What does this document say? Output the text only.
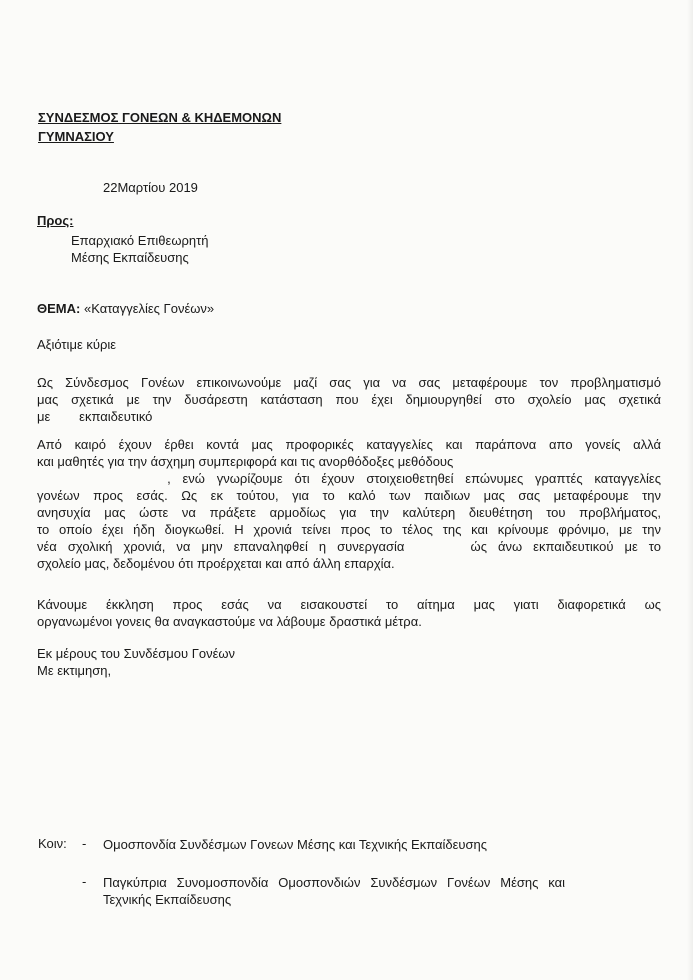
ΣΥΝΔΕΣΜΟΣ ΓΟΝΕΩΝ & ΚΗΔΕΜΟΝΩΝ
ΓΥΜΝΑΣΙΟΥ
22Μαρτίου 2019
Προς:
Επαρχιακό Επιθεωρητή
Μέσης Εκπαίδευσης
ΘΕΜΑ: «Καταγγελίες Γονέων»
Αξιότιμε κύριε
Ως Σύνδεσμος Γονέων επικοινωνούμε μαζί σας για να σας μεταφέρουμε τον προβληματισμό
μας σχετικά με την δυσάρεστη κατάσταση που έχει δημιουργηθεί στο σχολείο μας σχετικά
με        εκπαιδευτικό
Από καιρό έχουν έρθει κοντά μας προφορικές καταγγελίες και παράπονα απο γονείς αλλά
και μαθητές για την άσχημη συμπεριφορά και τις ανορθόδοξες μεθόδους
, ενώ γνωρίζουμε ότι έχουν στοιχειοθετηθεί επώνυμες γραπτές καταγγελίες
γονέων προς εσάς. Ως εκ τούτου, για το καλό των παιδιων μας σας μεταφέρουμε την
ανησυχία μας ώστε να πράξετε αρμοδίως για την καλύτερη διευθέτηση του προβλήματος,
το οποίο έχει ήδη διογκωθεί. Η χρονιά τείνει προς το τέλος της και κρίνουμε φρόνιμο, με την
νέα σχολική χρονιά, να μην επαναληφθεί η συνεργασία      ώς άνω εκπαιδευτικού με το
σχολείο μας, δεδομένου ότι προέρχεται και από άλλη επαρχία.
Κάνουμε έκκληση προς εσάς να εισακουστεί το αίτημα μας γιατι διαφορετικά ως
οργανωμένοι γονεις θα αναγκαστούμε να λάβουμε δραστικά μέτρα.
Εκ μέρους του Συνδέσμου Γονέων
Με εκτιμηση,
Κοιν: - Ομοσπονδία Συνδέσμων Γονεων Μέσης και Τεχνικής Εκπαίδευσης
- Παγκύπρια Συνομοσπονδία Ομοσπονδιών Συνδέσμων Γονέων Μέσης και
Τεχνικής Εκπαίδευσης
